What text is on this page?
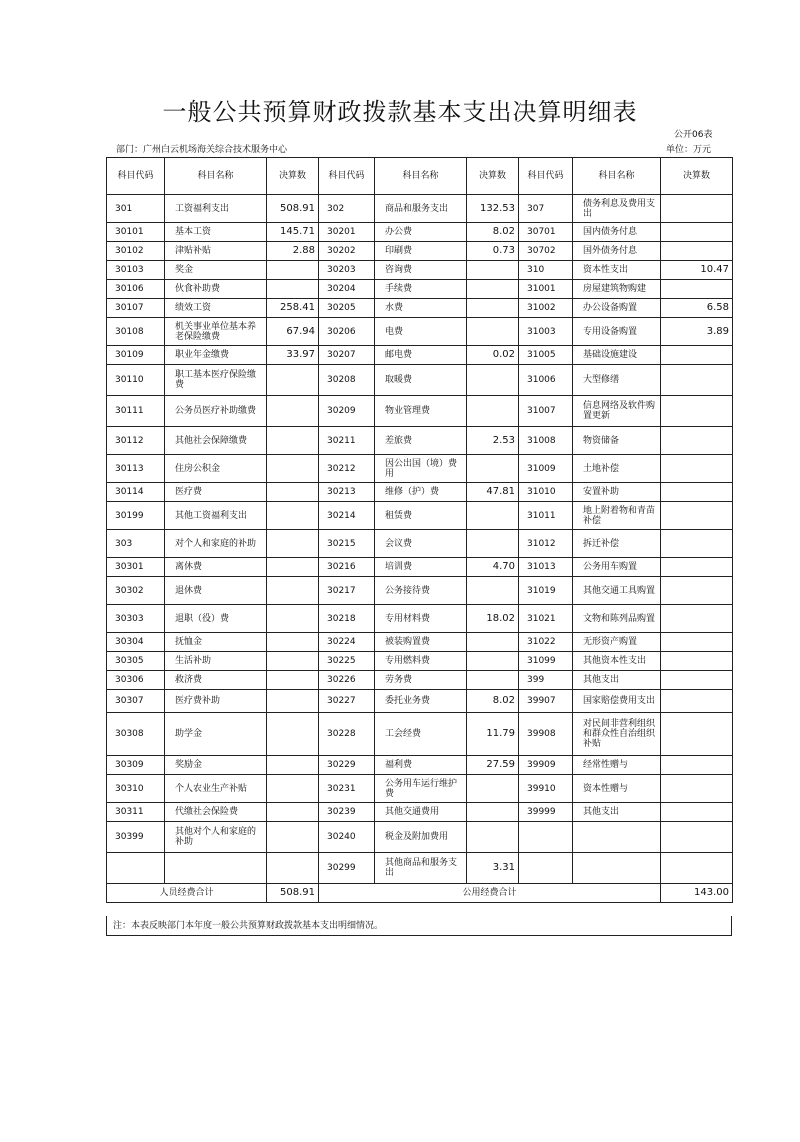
一般公共预算财政拨款基本支出决算明细表
公开06表
部门：广州白云机场海关综合技术服务中心	单位：万元
科目代码	科目名称	决算数	科目代码	科目名称	决算数	科目代码	科目名称	决算数
301	工资福利支出	508.91	302	商品和服务支出	132.53	307	债务利息及费用支出	
30101	基本工资	145.71	30201	办公费	8.02	30701	国内债务付息	
30102	津贴补贴	2.88	30202	印刷费	0.73	30702	国外债务付息	
30103	奖金		30203	咨询费		310	资本性支出	10.47
30106	伙食补助费		30204	手续费		31001	房屋建筑物购建	
30107	绩效工资	258.41	30205	水费		31002	办公设备购置	6.58
30108	机关事业单位基本养老保险缴费	67.94	30206	电费		31003	专用设备购置	3.89
30109	职业年金缴费	33.97	30207	邮电费	0.02	31005	基础设施建设	
30110	职工基本医疗保险缴费		30208	取暖费		31006	大型修缮	
30111	公务员医疗补助缴费		30209	物业管理费		31007	信息网络及软件购置更新	
30112	其他社会保障缴费		30211	差旅费	2.53	31008	物资储备	
30113	住房公积金		30212	因公出国（境）费用		31009	土地补偿	
30114	医疗费		30213	维修（护）费	47.81	31010	安置补助	
30199	其他工资福利支出		30214	租赁费		31011	地上附着物和青苗补偿	
303	对个人和家庭的补助		30215	会议费		31012	拆迁补偿	
30301	离休费		30216	培训费	4.70	31013	公务用车购置	
30302	退休费		30217	公务接待费		31019	其他交通工具购置	
30303	退职（役）费		30218	专用材料费	18.02	31021	文物和陈列品购置	
30304	抚恤金		30224	被装购置费		31022	无形资产购置	
30305	生活补助		30225	专用燃料费		31099	其他资本性支出	
30306	救济费		30226	劳务费		399	其他支出	
30307	医疗费补助		30227	委托业务费	8.02	39907	国家赔偿费用支出	
30308	助学金		30228	工会经费	11.79	39908	对民间非营利组织和群众性自治组织补贴	
30309	奖励金		30229	福利费	27.59	39909	经常性赠与	
30310	个人农业生产补贴		30231	公务用车运行维护费		39910	资本性赠与	
30311	代缴社会保险费		30239	其他交通费用		39999	其他支出	
30399	其他对个人和家庭的补助		30240	税金及附加费用				
			30299	其他商品和服务支出	3.31			
人员经费合计		508.91	公用经费合计					143.00
注：本表反映部门本年度一般公共预算财政拨款基本支出明细情况。
